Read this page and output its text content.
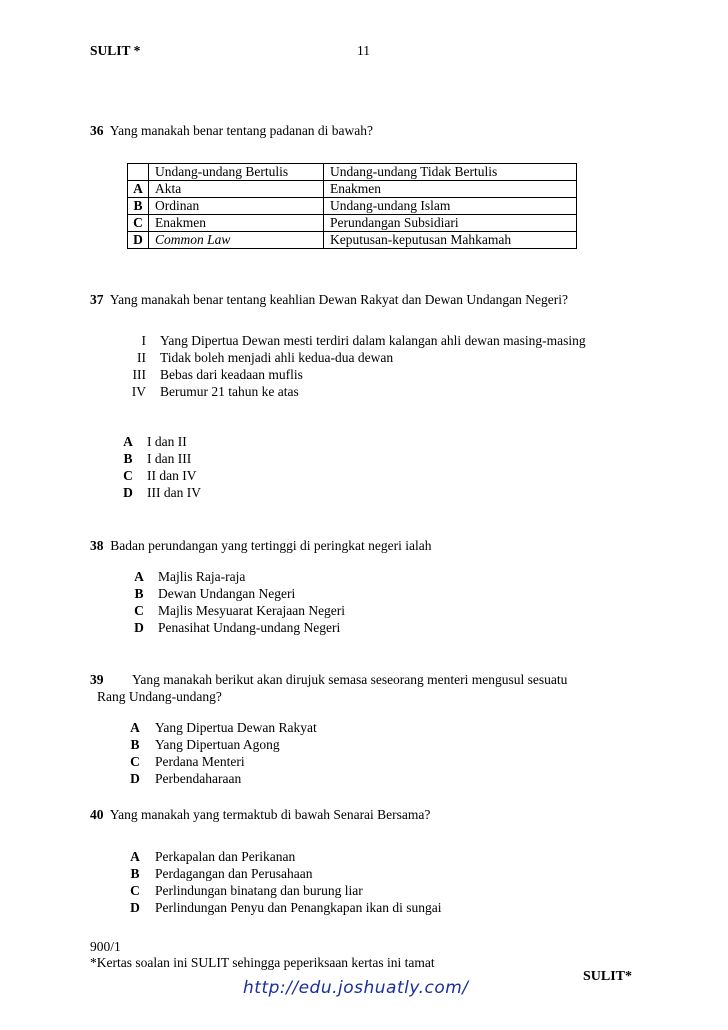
SULIT *	11
36 Yang manakah benar tentang padanan di bawah?
	Undang-undang Bertulis	Undang-undang Tidak Bertulis
A	Akta	Enakmen
B	Ordinan	Undang-undang Islam
C	Enakmen	Perundangan Subsidiari
D	Common Law	Keputusan-keputusan Mahkamah
37 Yang manakah benar tentang keahlian Dewan Rakyat dan Dewan Undangan Negeri?
I Yang Dipertua Dewan mesti terdiri dalam kalangan ahli dewan masing-masing
II Tidak boleh menjadi ahli kedua-dua dewan
III Bebas dari keadaan muflis
IV Berumur 21 tahun ke atas
A I dan II
B I dan III
C II dan IV
D III dan IV
38 Badan perundangan yang tertinggi di peringkat negeri ialah
A Majlis Raja-raja
B Dewan Undangan Negeri
C Majlis Mesyuarat Kerajaan Negeri
D Penasihat Undang-undang Negeri
39 Yang manakah berikut akan dirujuk semasa seseorang menteri mengusul sesuatu
Rang Undang-undang?
A Yang Dipertua Dewan Rakyat
B Yang Dipertuan Agong
C Perdana Menteri
D Perbendaharaan
40 Yang manakah yang termaktub di bawah Senarai Bersama?
A Perkapalan dan Perikanan
B Perdagangan dan Perusahaan
C Perlindungan binatang dan burung liar
D Perlindungan Penyu dan Penangkapan ikan di sungai
900/1
*Kertas soalan ini SULIT sehingga peperiksaan kertas ini tamat
SULIT*
http://edu.joshuatly.com/
